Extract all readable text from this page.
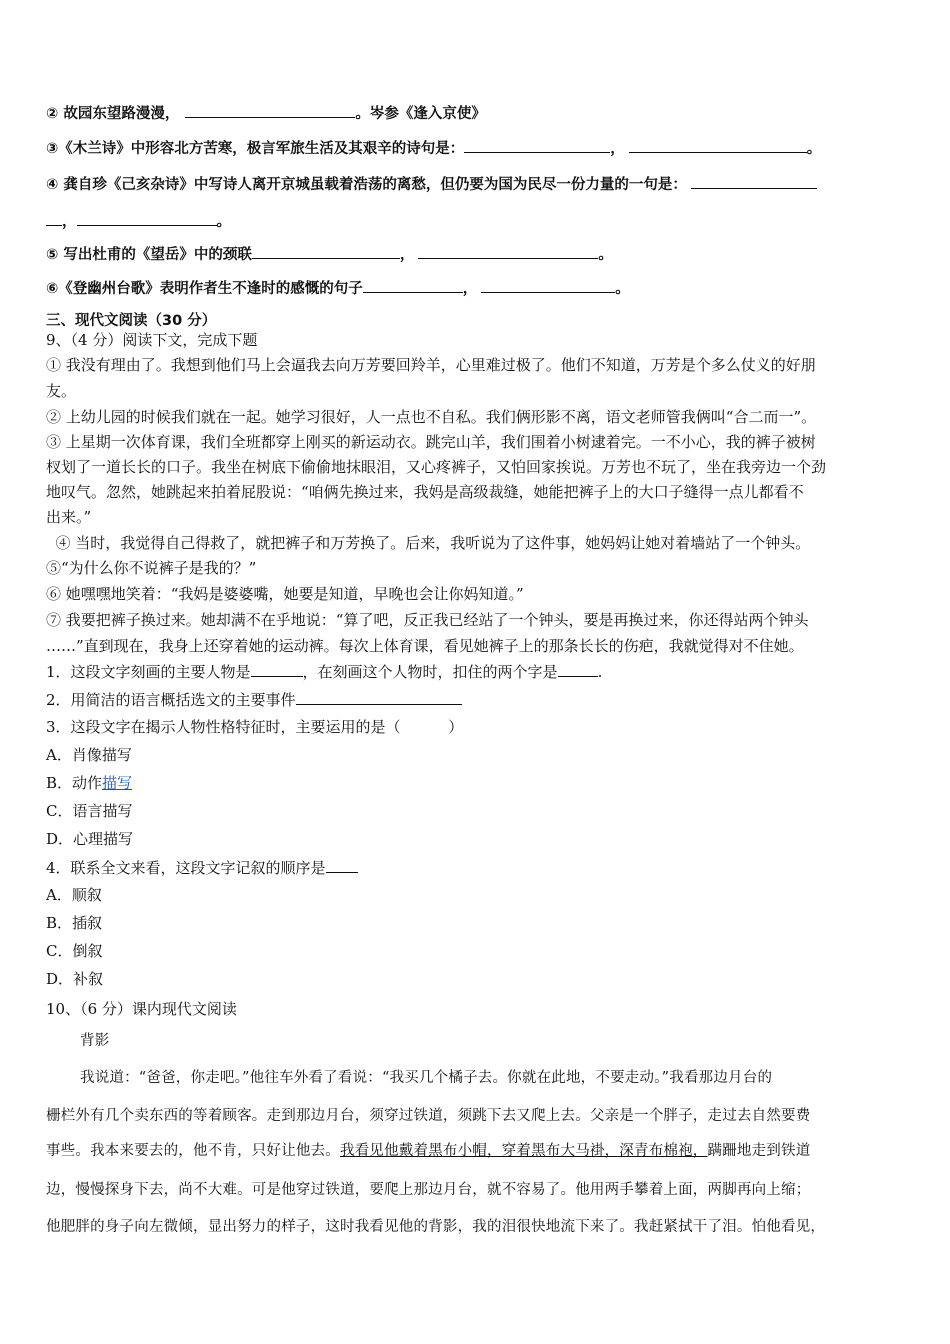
② 故园东望路漫漫，	。岑参《逢入京使》
③《木兰诗》中形容北方苦寒，极言军旅生活及其艰辛的诗句是：	，	。
④ 龚自珍《己亥杂诗》中写诗人离开京城虽载着浩荡的离愁，但仍要为国为民尽一份力量的一句是：
，	。
⑤ 写出杜甫的《望岳》中的颈联	，	。
⑥《登幽州台歌》表明作者生不逢时的感慨的句子	，	。
三、现代文阅读（30 分）
9、（4 分）阅读下文，完成下题
① 我没有理由了。我想到他们马上会逼我去向万芳要回羚羊，心里难过极了。他们不知道，万芳是个多么仗义的好朋
友。
② 上幼儿园的时候我们就在一起。她学习很好，人一点也不自私。我们俩形影不离，语文老师管我俩叫“合二而一”。
③ 上星期一次体育课，我们全班都穿上刚买的新运动衣。跳完山羊，我们围着小树逮着完。一不小心，我的裤子被树
杈划了一道长长的口子。我坐在树底下偷偷地抹眼泪，又心疼裤子，又怕回家挨说。万芳也不玩了，坐在我旁边一个劲
地叹气。忽然，她跳起来拍着屁股说：“咱俩先换过来，我妈是高级裁缝，她能把裤子上的大口子缝得一点儿都看不
出来。”
④ 当时，我觉得自己得救了，就把裤子和万芳换了。后来，我听说为了这件事，她妈妈让她对着墙站了一个钟头。
⑤“为什么你不说裤子是我的？”
⑥ 她嘿嘿地笑着：“我妈是婆婆嘴，她要是知道，早晚也会让你妈知道。”
⑦ 我要把裤子换过来。她却满不在乎地说：“算了吧，反正我已经站了一个钟头，要是再换过来，你还得站两个钟头
……”直到现在，我身上还穿着她的运动裤。每次上体育课，看见她裤子上的那条长长的伤疤，我就觉得对不住她。
1．这段文字刻画的主要人物是	，在刻画这个人物时，扣住的两个字是	.
2．用简洁的语言概括选文的主要事件
3．这段文字在揭示人物性格特征时，主要运用的是（          ）
A．肖像描写
B．动作描写
C．语言描写
D．心理描写
4．联系全文来看，这段文字记叙的顺序是
A．顺叙
B．插叙
C．倒叙
D．补叙
10、（6 分）课内现代文阅读
背影
我说道：“爸爸，你走吧。”他往车外看了看说：“我买几个橘子去。你就在此地，不要走动。”我看那边月台的
栅栏外有几个卖东西的等着顾客。走到那边月台，须穿过铁道，须跳下去又爬上去。父亲是一个胖子，走过去自然要费
事些。我本来要去的，他不肯，只好让他去。我看见他戴着黑布小帽，穿着黑布大马褂，深青布棉袍，蹒跚地走到铁道
边，慢慢探身下去，尚不大难。可是他穿过铁道，要爬上那边月台，就不容易了。他用两手攀着上面，两脚再向上缩；
他肥胖的身子向左微倾，显出努力的样子，这时我看见他的背影，我的泪很快地流下来了。我赶紧拭干了泪。怕他看见，
